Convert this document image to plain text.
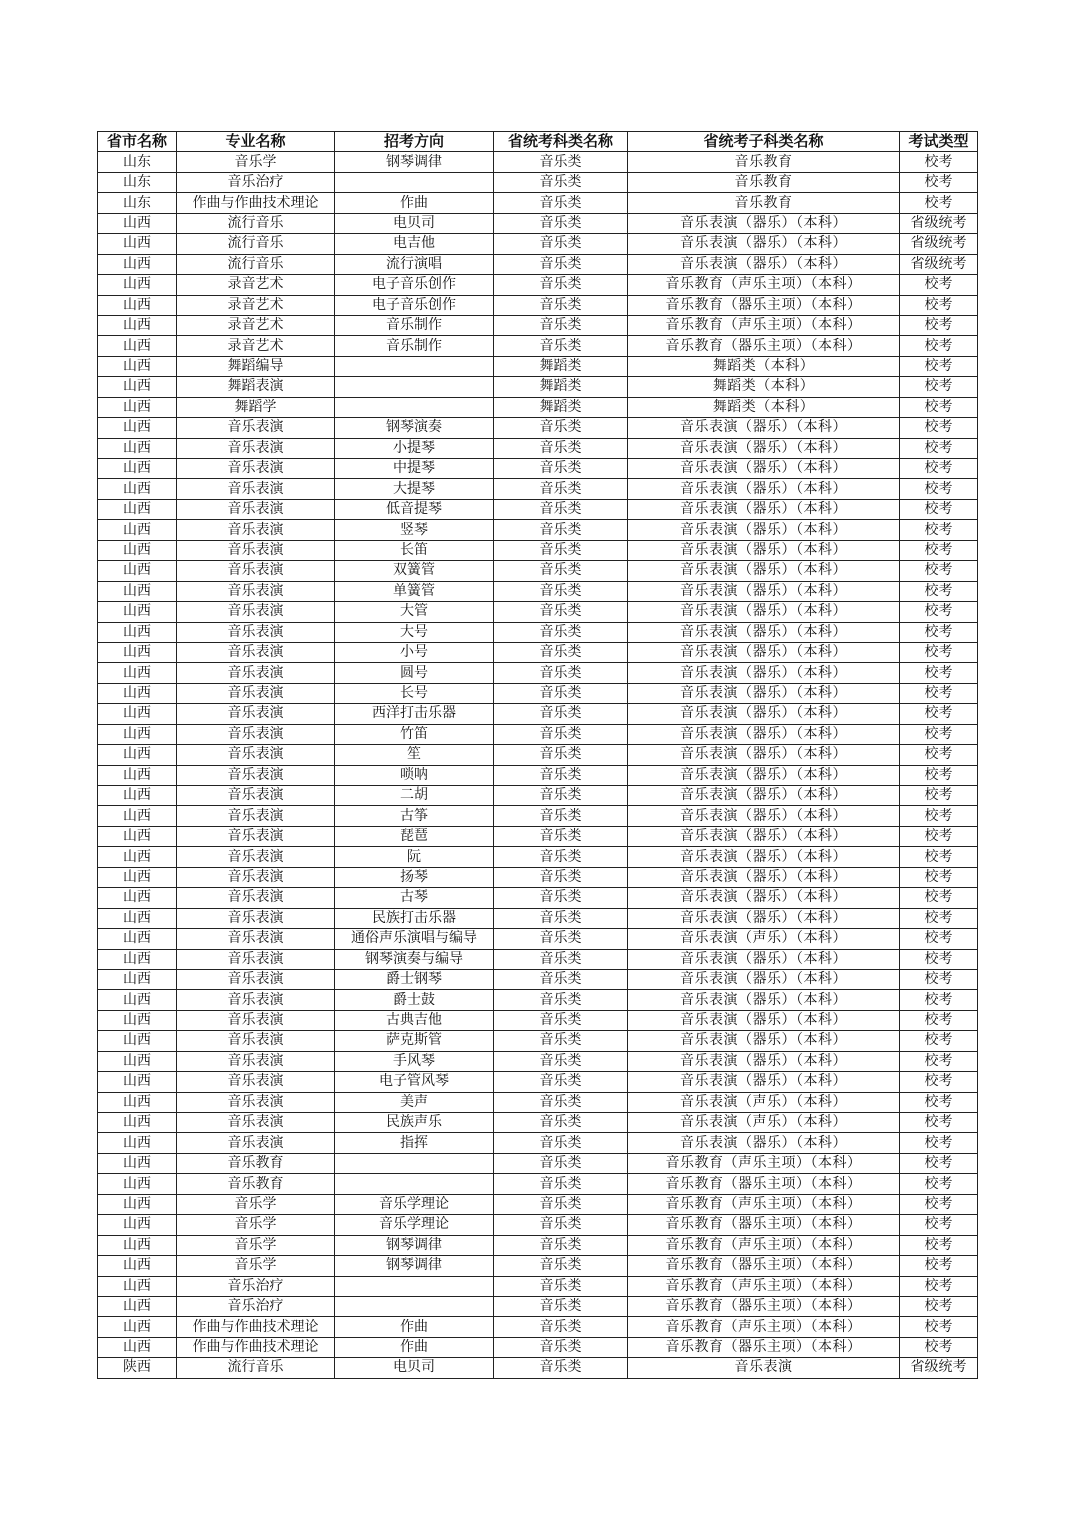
省市名称	专业名称	招考方向	省统考科类名称	省统考子科类名称	考试类型
山东	音乐学	钢琴调律	音乐类	音乐教育	校考
山东	音乐治疗		音乐类	音乐教育	校考
山东	作曲与作曲技术理论	作曲	音乐类	音乐教育	校考
山西	流行音乐	电贝司	音乐类	音乐表演（器乐）（本科）	省级统考
山西	流行音乐	电吉他	音乐类	音乐表演（器乐）（本科）	省级统考
山西	流行音乐	流行演唱	音乐类	音乐表演（器乐）（本科）	省级统考
山西	录音艺术	电子音乐创作	音乐类	音乐教育（声乐主项）（本科）	校考
山西	录音艺术	电子音乐创作	音乐类	音乐教育（器乐主项）（本科）	校考
山西	录音艺术	音乐制作	音乐类	音乐教育（声乐主项）（本科）	校考
山西	录音艺术	音乐制作	音乐类	音乐教育（器乐主项）（本科）	校考
山西	舞蹈编导		舞蹈类	舞蹈类（本科）	校考
山西	舞蹈表演		舞蹈类	舞蹈类（本科）	校考
山西	舞蹈学		舞蹈类	舞蹈类（本科）	校考
山西	音乐表演	钢琴演奏	音乐类	音乐表演（器乐）（本科）	校考
山西	音乐表演	小提琴	音乐类	音乐表演（器乐）（本科）	校考
山西	音乐表演	中提琴	音乐类	音乐表演（器乐）（本科）	校考
山西	音乐表演	大提琴	音乐类	音乐表演（器乐）（本科）	校考
山西	音乐表演	低音提琴	音乐类	音乐表演（器乐）（本科）	校考
山西	音乐表演	竖琴	音乐类	音乐表演（器乐）（本科）	校考
山西	音乐表演	长笛	音乐类	音乐表演（器乐）（本科）	校考
山西	音乐表演	双簧管	音乐类	音乐表演（器乐）（本科）	校考
山西	音乐表演	单簧管	音乐类	音乐表演（器乐）（本科）	校考
山西	音乐表演	大管	音乐类	音乐表演（器乐）（本科）	校考
山西	音乐表演	大号	音乐类	音乐表演（器乐）（本科）	校考
山西	音乐表演	小号	音乐类	音乐表演（器乐）（本科）	校考
山西	音乐表演	圆号	音乐类	音乐表演（器乐）（本科）	校考
山西	音乐表演	长号	音乐类	音乐表演（器乐）（本科）	校考
山西	音乐表演	西洋打击乐器	音乐类	音乐表演（器乐）（本科）	校考
山西	音乐表演	竹笛	音乐类	音乐表演（器乐）（本科）	校考
山西	音乐表演	笙	音乐类	音乐表演（器乐）（本科）	校考
山西	音乐表演	唢呐	音乐类	音乐表演（器乐）（本科）	校考
山西	音乐表演	二胡	音乐类	音乐表演（器乐）（本科）	校考
山西	音乐表演	古筝	音乐类	音乐表演（器乐）（本科）	校考
山西	音乐表演	琵琶	音乐类	音乐表演（器乐）（本科）	校考
山西	音乐表演	阮	音乐类	音乐表演（器乐）（本科）	校考
山西	音乐表演	扬琴	音乐类	音乐表演（器乐）（本科）	校考
山西	音乐表演	古琴	音乐类	音乐表演（器乐）（本科）	校考
山西	音乐表演	民族打击乐器	音乐类	音乐表演（器乐）（本科）	校考
山西	音乐表演	通俗声乐演唱与编导	音乐类	音乐表演（声乐）（本科）	校考
山西	音乐表演	钢琴演奏与编导	音乐类	音乐表演（器乐）（本科）	校考
山西	音乐表演	爵士钢琴	音乐类	音乐表演（器乐）（本科）	校考
山西	音乐表演	爵士鼓	音乐类	音乐表演（器乐）（本科）	校考
山西	音乐表演	古典吉他	音乐类	音乐表演（器乐）（本科）	校考
山西	音乐表演	萨克斯管	音乐类	音乐表演（器乐）（本科）	校考
山西	音乐表演	手风琴	音乐类	音乐表演（器乐）（本科）	校考
山西	音乐表演	电子管风琴	音乐类	音乐表演（器乐）（本科）	校考
山西	音乐表演	美声	音乐类	音乐表演（声乐）（本科）	校考
山西	音乐表演	民族声乐	音乐类	音乐表演（声乐）（本科）	校考
山西	音乐表演	指挥	音乐类	音乐表演（器乐）（本科）	校考
山西	音乐教育		音乐类	音乐教育（声乐主项）（本科）	校考
山西	音乐教育		音乐类	音乐教育（器乐主项）（本科）	校考
山西	音乐学	音乐学理论	音乐类	音乐教育（声乐主项）（本科）	校考
山西	音乐学	音乐学理论	音乐类	音乐教育（器乐主项）（本科）	校考
山西	音乐学	钢琴调律	音乐类	音乐教育（声乐主项）（本科）	校考
山西	音乐学	钢琴调律	音乐类	音乐教育（器乐主项）（本科）	校考
山西	音乐治疗		音乐类	音乐教育（声乐主项）（本科）	校考
山西	音乐治疗		音乐类	音乐教育（器乐主项）（本科）	校考
山西	作曲与作曲技术理论	作曲	音乐类	音乐教育（声乐主项）（本科）	校考
山西	作曲与作曲技术理论	作曲	音乐类	音乐教育（器乐主项）（本科）	校考
陕西	流行音乐	电贝司	音乐类	音乐表演	省级统考
